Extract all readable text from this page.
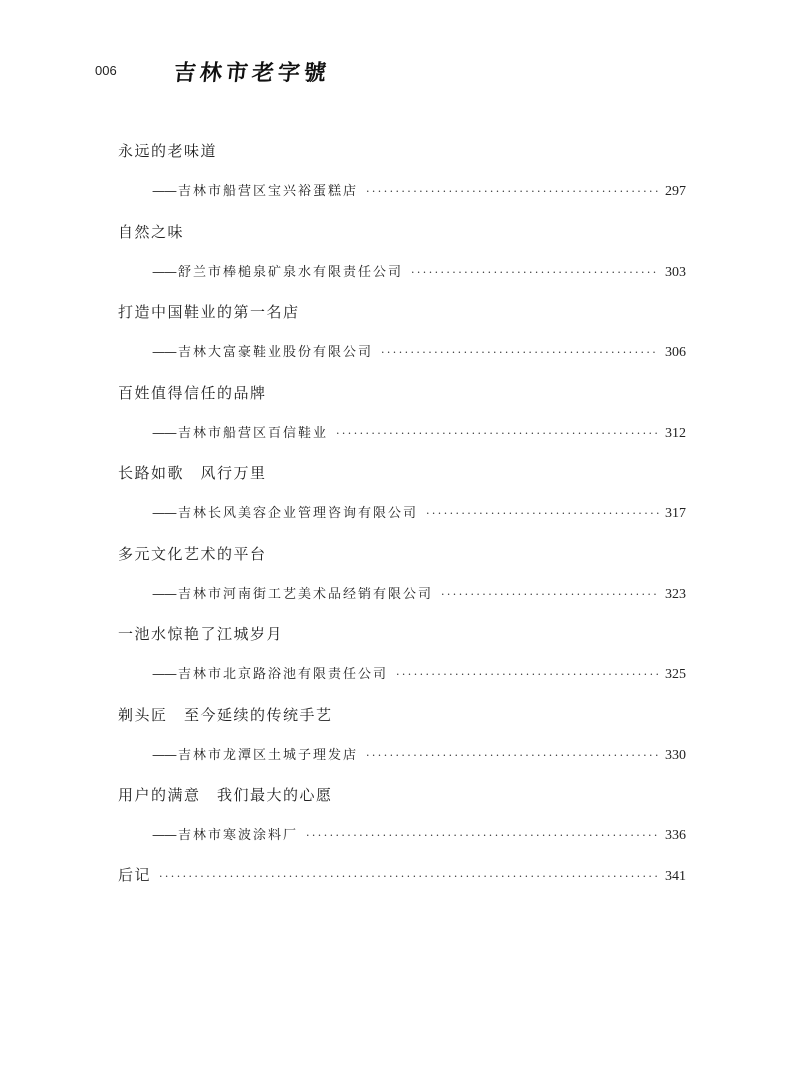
006	吉林市老字號
永远的老味道
—— 吉林市船营区宝兴裕蛋糕店 ·····	297
自然之味
—— 舒兰市棒槌泉矿泉水有限责任公司 ·····	303
打造中国鞋业的第一名店
—— 吉林大富豪鞋业股份有限公司 ·····	306
百姓值得信任的品牌
—— 吉林市船营区百信鞋业 ·····	312
长路如歌　风行万里
—— 吉林长风美容企业管理咨询有限公司 ·····	317
多元文化艺术的平台
—— 吉林市河南街工艺美术品经销有限公司 ·····	323
一池水惊艳了江城岁月
—— 吉林市北京路浴池有限责任公司 ·····	325
剃头匠　至今延续的传统手艺
—— 吉林市龙潭区土城子理发店 ·····	330
用户的满意　我们最大的心愿
—— 吉林市寒波涂料厂 ·····	336
后记 ·····	341
